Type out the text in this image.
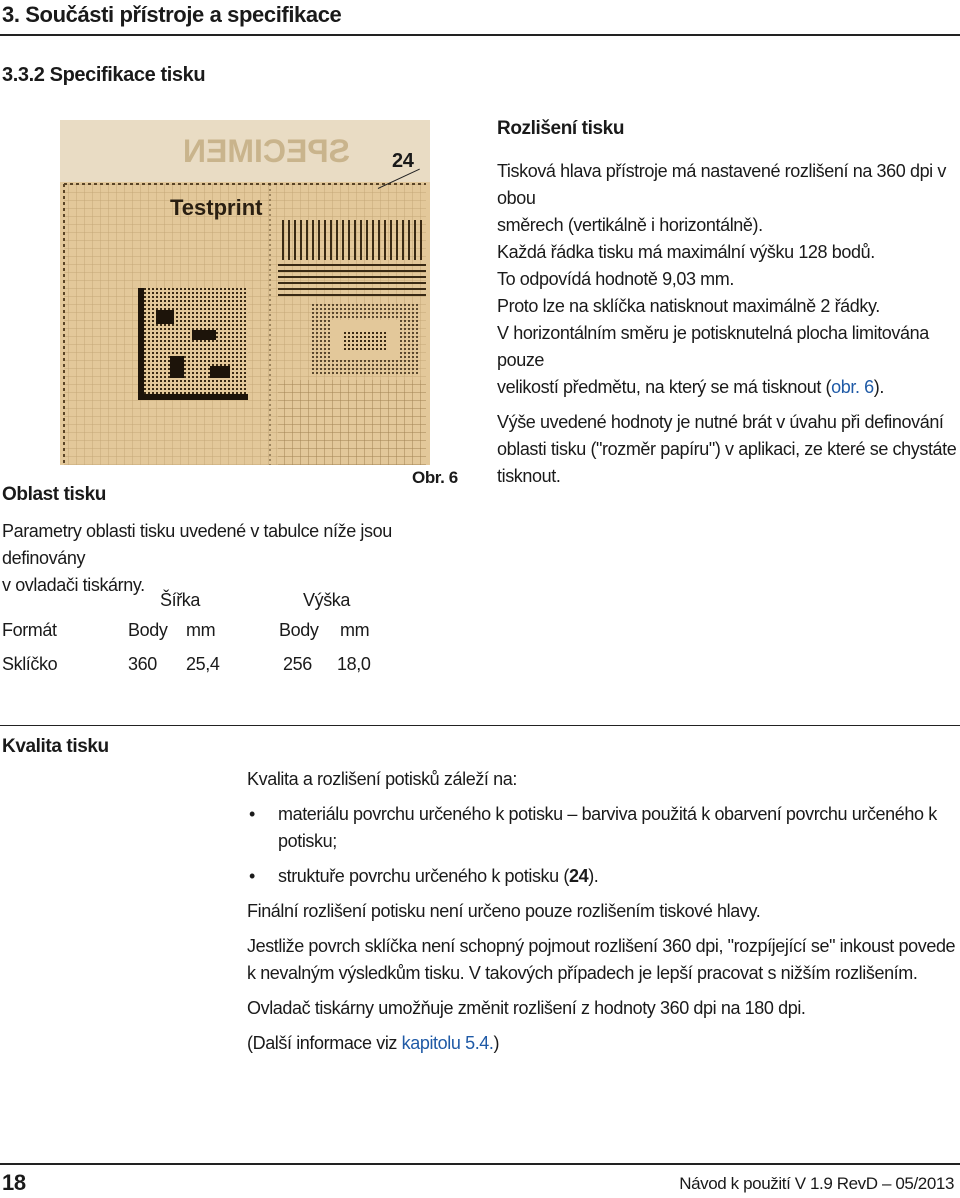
3. Součásti přístroje a specifikace
3.3.2 Specifikace tisku
Testprint
SPECIMEN 24
Obr. 6
Rozlišení tisku
Tisková hlava přístroje má nastavené rozlišení na 360 dpi v obou
směrech (vertikálně i horizontálně).
Každá řádka tisku má maximální výšku 128 bodů.
To odpovídá hodnotě 9,03 mm.
Proto lze na sklíčka natisknout maximálně 2 řádky.
V horizontálním směru je potisknutelná plocha limitována pouze
velikostí předmětu, na který se má tisknout (obr. 6).
Výše uvedené hodnoty je nutné brát v úvahu při definování
oblasti tisku ("rozměr papíru") v aplikaci, ze které se chystáte
tisknout.
Oblast tisku
Parametry oblasti tisku uvedené v tabulce níže jsou definovány
v ovladači tiskárny.
Šířka	Výška
Formát	Body mm	Body mm
Sklíčko	360 25,4	256 18,0
Kvalita tisku
Kvalita a rozlišení potisků záleží na:
• materiálu povrchu určeného k potisku – barviva použitá k obarvení povrchu určeného k potisku;
• struktuře povrchu určeného k potisku (24).
Finální rozlišení potisku není určeno pouze rozlišením tiskové hlavy.
Jestliže povrch sklíčka není schopný pojmout rozlišení 360 dpi, "rozpíjející se" inkoust povede
k nevalným výsledkům tisku. V takových případech je lepší pracovat s nižším rozlišením.
Ovladač tiskárny umožňuje změnit rozlišení z hodnoty 360 dpi na 180 dpi.
(Další informace viz kapitolu 5.4.)
18	Návod k použití V 1.9 RevD – 05/2013
